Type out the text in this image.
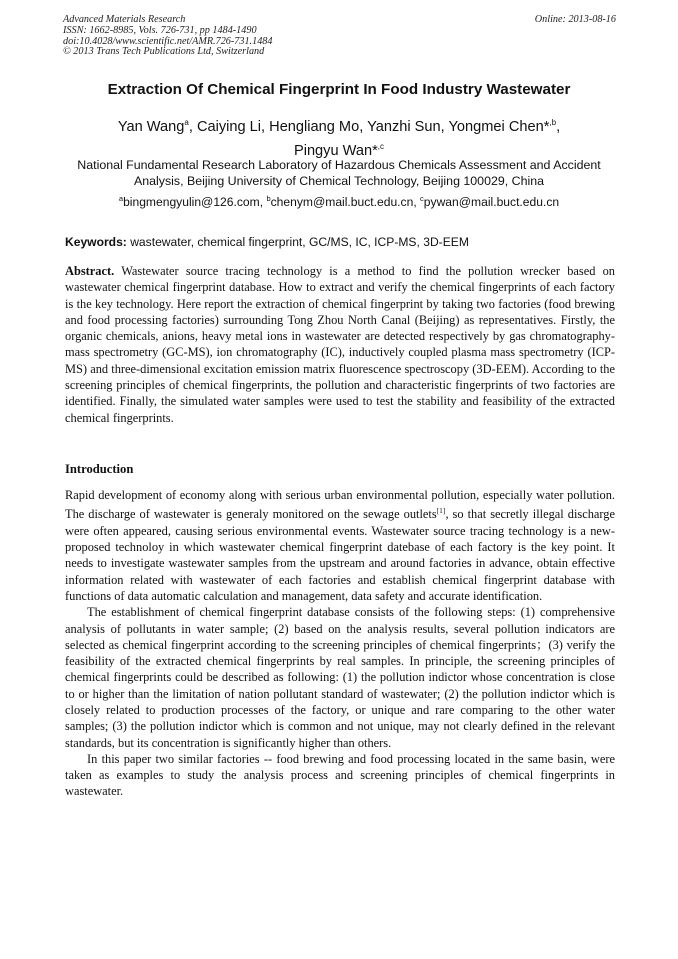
Advanced Materials Research
ISSN: 1662-8985, Vols. 726-731, pp 1484-1490
doi:10.4028/www.scientific.net/AMR.726-731.1484
© 2013 Trans Tech Publications Ltd, Switzerland
Online: 2013-08-16
Extraction Of Chemical Fingerprint In Food Industry Wastewater
Yan Wang$^a$, Caiying Li, Hengliang Mo, Yanzhi Sun, Yongmei Chen*$^{,b}$,
Pingyu Wan*$^{,c}$
National Fundamental Research Laboratory of Hazardous Chemicals Assessment and Accident Analysis, Beijing University of Chemical Technology, Beijing 100029, China
$^a$bingmengyulin@126.com, $^b$chenym@mail.buct.edu.cn, $^c$pywan@mail.buct.edu.cn
Keywords: wastewater, chemical fingerprint, GC/MS, IC, ICP-MS, 3D-EEM
Abstract. Wastewater source tracing technology is a method to find the pollution wrecker based on wastewater chemical fingerprint database. How to extract and verify the chemical fingerprints of each factory is the key technology. Here report the extraction of chemical fingerprint by taking two factories (food brewing and food processing factories) surrounding Tong Zhou North Canal (Beijing) as representatives. Firstly, the organic chemicals, anions, heavy metal ions in wastewater are detected respectively by gas chromatography-mass spectrometry (GC-MS), ion chromatography (IC), inductively coupled plasma mass spectrometry (ICP-MS) and three-dimensional excitation emission matrix fluorescence spectroscopy (3D-EEM). According to the screening principles of chemical fingerprints, the pollution and characteristic fingerprints of two factories are identified. Finally, the simulated water samples were used to test the stability and feasibility of the extracted chemical fingerprints.
Introduction

Rapid development of economy along with serious urban environmental pollution, especially water pollution. The discharge of wastewater is generaly monitored on the sewage outlets[1], so that secretly illegal discharge were often appeared, causing serious environmental events. Wastewater source tracing technology is a new-proposed technoloy in which wastewater chemical fingerprint datebase of each factory is the key point. It needs to investigate wastewater samples from the upstream and around factories in advance, obtain effective information related with wastewater of each factories and establish chemical fingerprint database with functions of data automatic calculation and management, data safety and accurate identification.

The establishment of chemical fingerprint database consists of the following steps: (1) comprehensive analysis of pollutants in water sample; (2) based on the analysis results, several pollution indicators are selected as chemical fingerprint according to the screening principles of chemical fingerprints；(3) verify the feasibility of the extracted chemical fingerprints by real samples. In principle, the screening principles of chemical fingerprints could be described as following: (1) the pollution indictor whose concentration is close to or higher than the limitation of nation pollutant standard of wastewater; (2) the pollution indictor which is closely related to production processes of the factory, or unique and rare comparing to the other water samples; (3) the pollution indictor which is common and not unique, may not clearly defined in the relevant standards, but its concentration is significantly higher than others.

In this paper two similar factories -- food brewing and food processing located in the same basin, were taken as examples to study the analysis process and screening principles of chemical fingerprints in wastewater.
